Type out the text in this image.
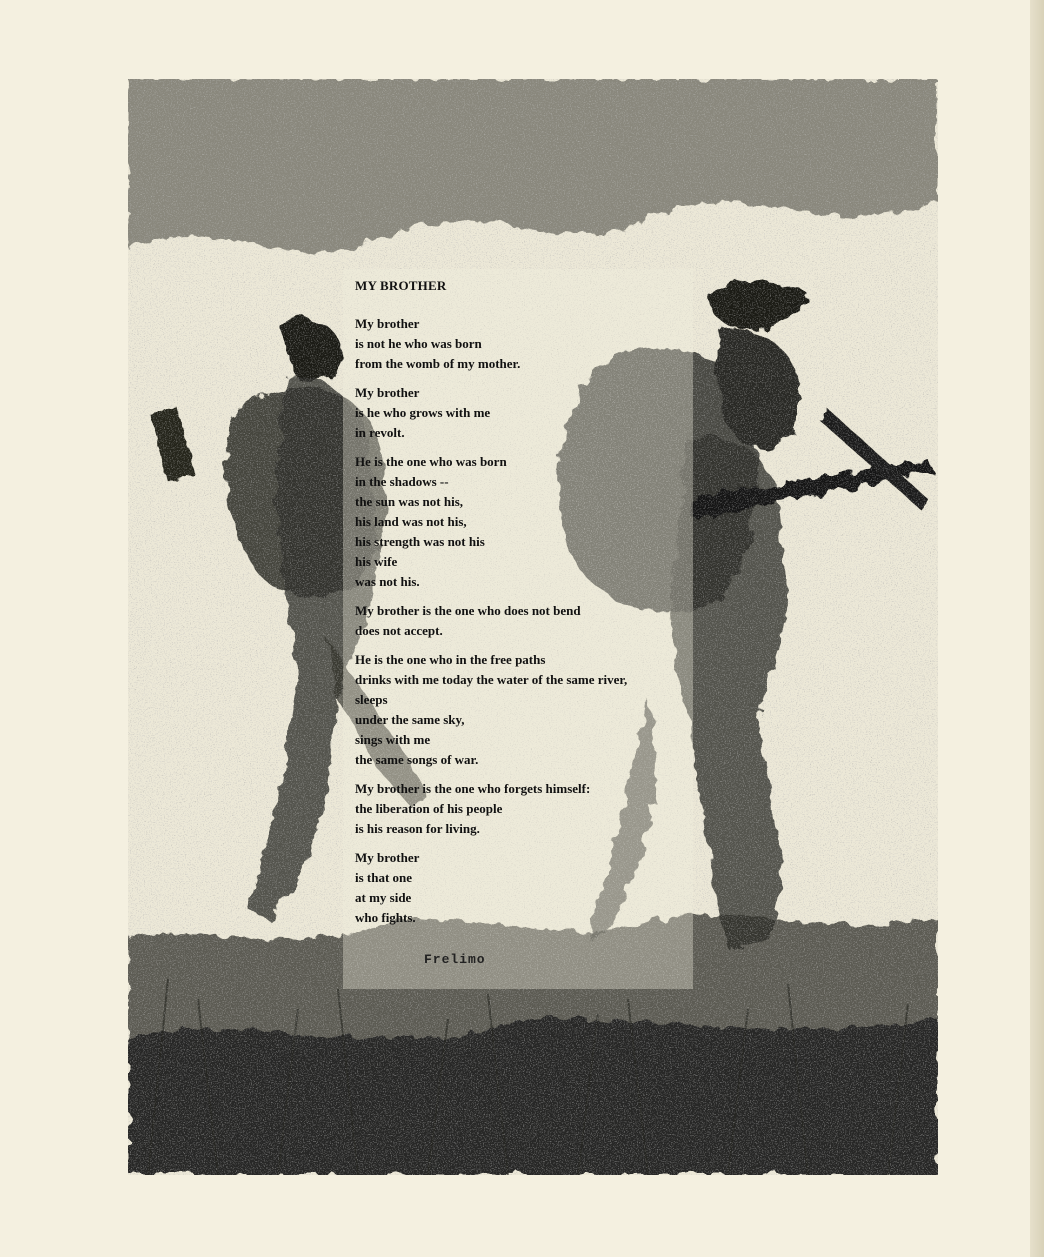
MY BROTHER
My brother
is not he who was born
from the womb of my mother.
My brother
is he who grows with me
in revolt.
He is the one who was born
in the shadows --
the sun was not his,
his land was not his,
his strength was not his
his wife
was not his.
My brother is the one who does not bend
does not accept.
He is the one who in the free paths
drinks with me today the water of the same river,
sleeps
under the same sky,
sings with me
the same songs of war.
My brother is the one who forgets himself:
the liberation of his people
is his reason for living.
My brother
is that one
at my side
who fights.
Frelimo
